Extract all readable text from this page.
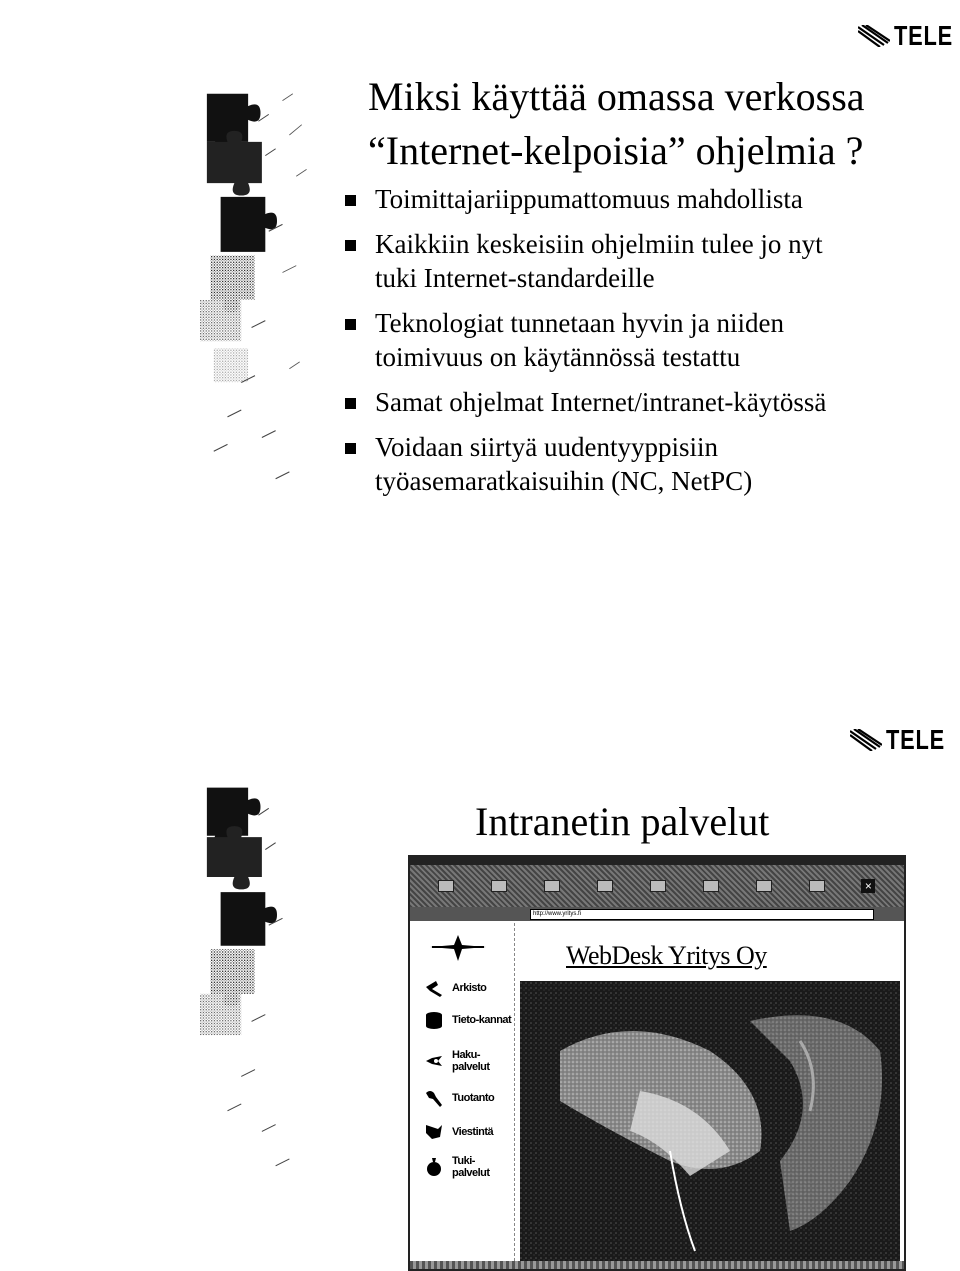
TELE
Miksi käyttää omassa verkossa
“Internet-kelpoisia” ohjelmia ?
Toimittajariippumattomuus mahdollista
Kaikkiin keskeisiin ohjelmiin tulee jo nyt
tuki Internet-standardeille
Teknologiat tunnetaan hyvin ja niiden
toimivuus on käytännössä testattu
Samat ohjelmat Internet/intranet-käytössä
Voidaan siirtyä uudentyyppisiin
työasemaratkaisuihin (NC, NetPC)
TELE
Intranetin palvelut
×
http://www.yritys.fi
Arkisto
Tieto-kannat
Haku-palvelut
Tuotanto
Viestintä
Tuki-palvelut
WebDesk Yritys Oy
